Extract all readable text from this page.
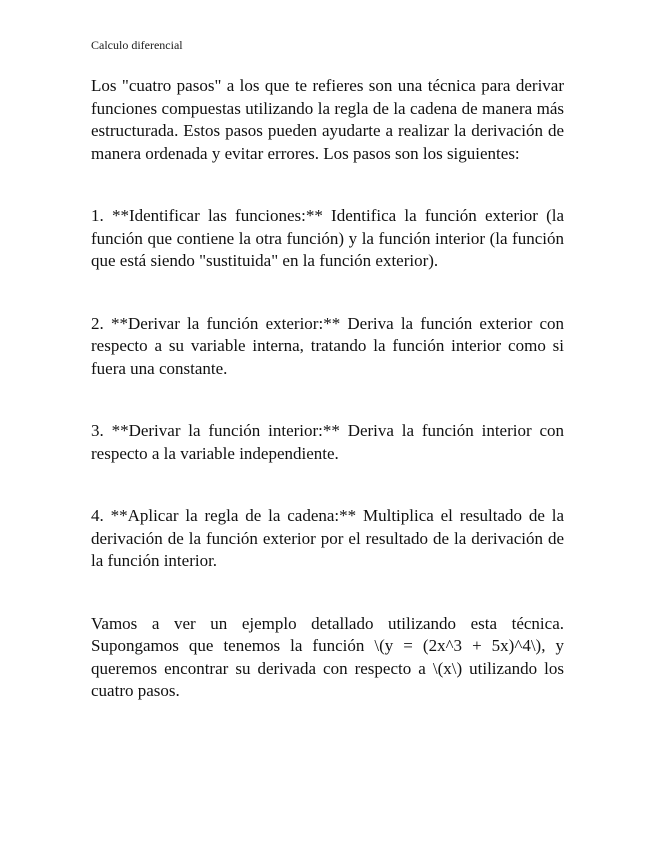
Calculo diferencial

Los "cuatro pasos" a los que te refieres son una técnica para derivar funciones compuestas utilizando la regla de la cadena de manera más estructurada. Estos pasos pueden ayudarte a realizar la derivación de manera ordenada y evitar errores. Los pasos son los siguientes:

1. **Identificar las funciones:** Identifica la función exterior (la función que contiene la otra función) y la función interior (la función que está siendo "sustituida" en la función exterior).

2. **Derivar la función exterior:** Deriva la función exterior con respecto a su variable interna, tratando la función interior como si fuera una constante.

3. **Derivar la función interior:** Deriva la función interior con respecto a la variable independiente.

4. **Aplicar la regla de la cadena:** Multiplica el resultado de la derivación de la función exterior por el resultado de la derivación de la función interior.

Vamos a ver un ejemplo detallado utilizando esta técnica. Supongamos que tenemos la función \(y = (2x^3 + 5x)^4\), y queremos encontrar su derivada con respecto a \(x\) utilizando los cuatro pasos.
